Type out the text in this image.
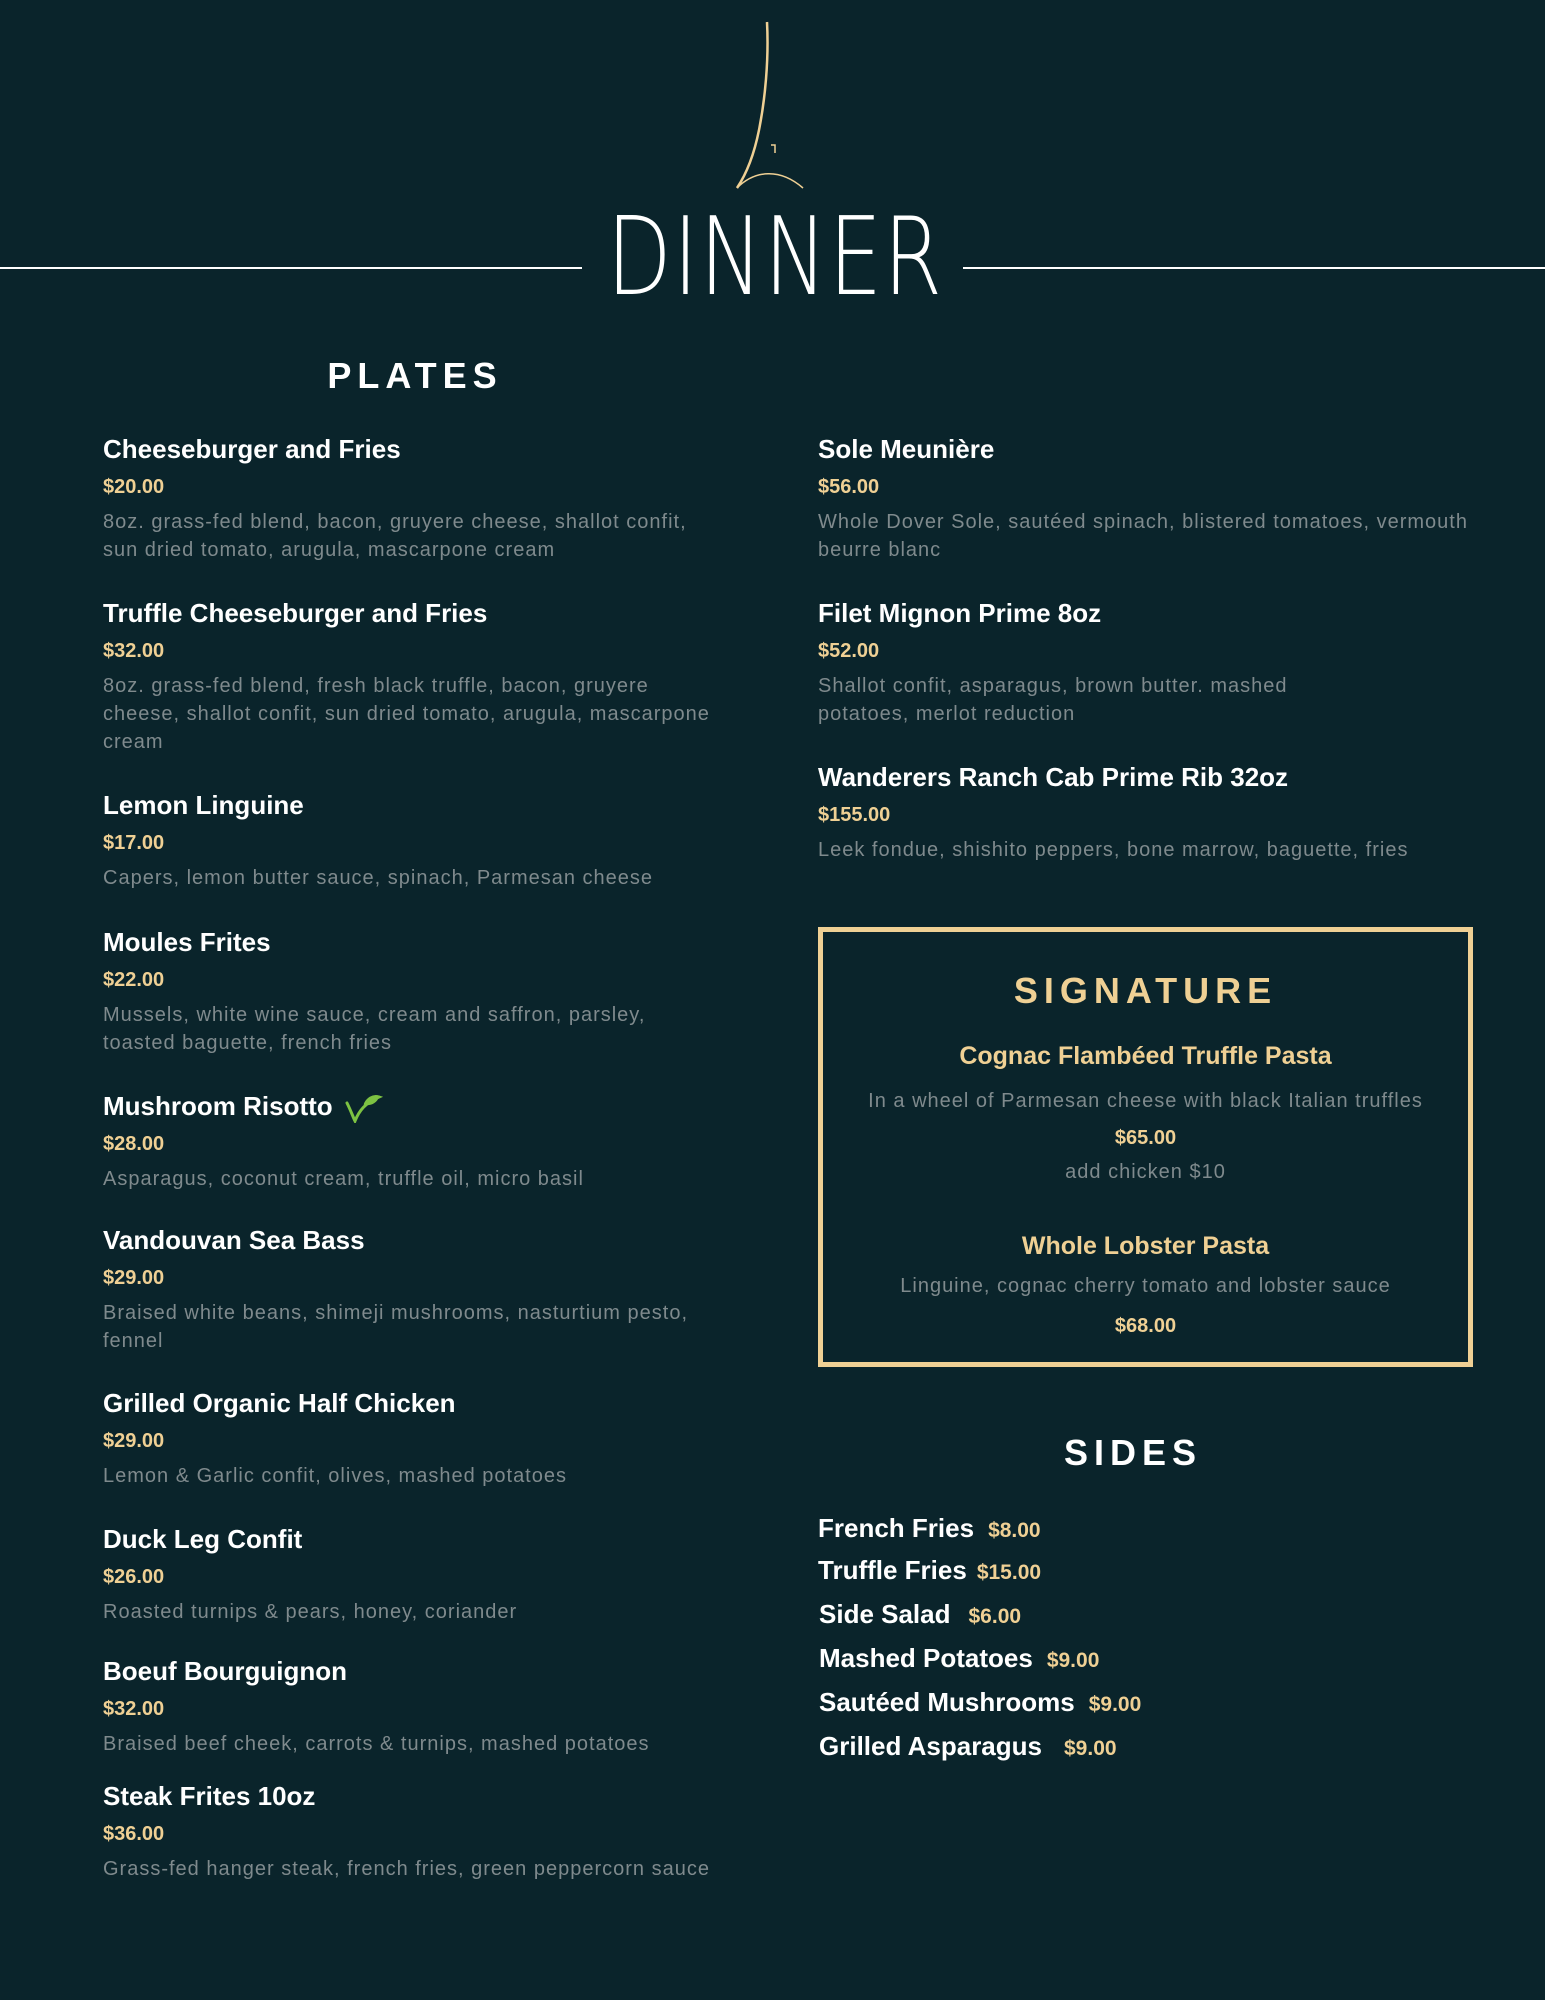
DINNER
PLATES
Cheeseburger and Fries
$20.00
8oz. grass-fed blend, bacon, gruyere cheese, shallot confit, sun dried tomato, arugula, mascarpone cream
Truffle Cheeseburger and Fries
$32.00
8oz. grass-fed blend, fresh black truffle, bacon, gruyere cheese, shallot confit, sun dried tomato, arugula, mascarpone cream
Lemon Linguine
$17.00
Capers, lemon butter sauce, spinach, Parmesan cheese
Moules Frites
$22.00
Mussels, white wine sauce, cream and saffron, parsley, toasted baguette, french fries
Mushroom Risotto
$28.00
Asparagus, coconut cream, truffle oil, micro basil
Vandouvan Sea Bass
$29.00
Braised white beans, shimeji mushrooms, nasturtium pesto, fennel
Grilled Organic Half Chicken
$29.00
Lemon & Garlic confit, olives, mashed potatoes
Duck Leg Confit
$26.00
Roasted turnips & pears, honey, coriander
Boeuf Bourguignon
$32.00
Braised beef cheek, carrots & turnips, mashed potatoes
Steak Frites 10oz
$36.00
Grass-fed hanger steak, french fries, green peppercorn sauce
Sole Meunière
$56.00
Whole Dover Sole, sautéed spinach, blistered tomatoes, vermouth beurre blanc
Filet Mignon Prime 8oz
$52.00
Shallot confit, asparagus, brown butter. mashed potatoes, merlot reduction
Wanderers Ranch Cab Prime Rib 32oz
$155.00
Leek fondue, shishito peppers, bone marrow, baguette, fries
SIGNATURE
Cognac Flambéed Truffle Pasta
In a wheel of Parmesan cheese with black Italian truffles
$65.00
add chicken $10
Whole Lobster Pasta
Linguine, cognac cherry tomato and lobster sauce
$68.00
SIDES
French Fries $8.00
Truffle Fries $15.00
Side Salad $6.00
Mashed Potatoes $9.00
Sautéed Mushrooms $9.00
Grilled Asparagus $9.00
